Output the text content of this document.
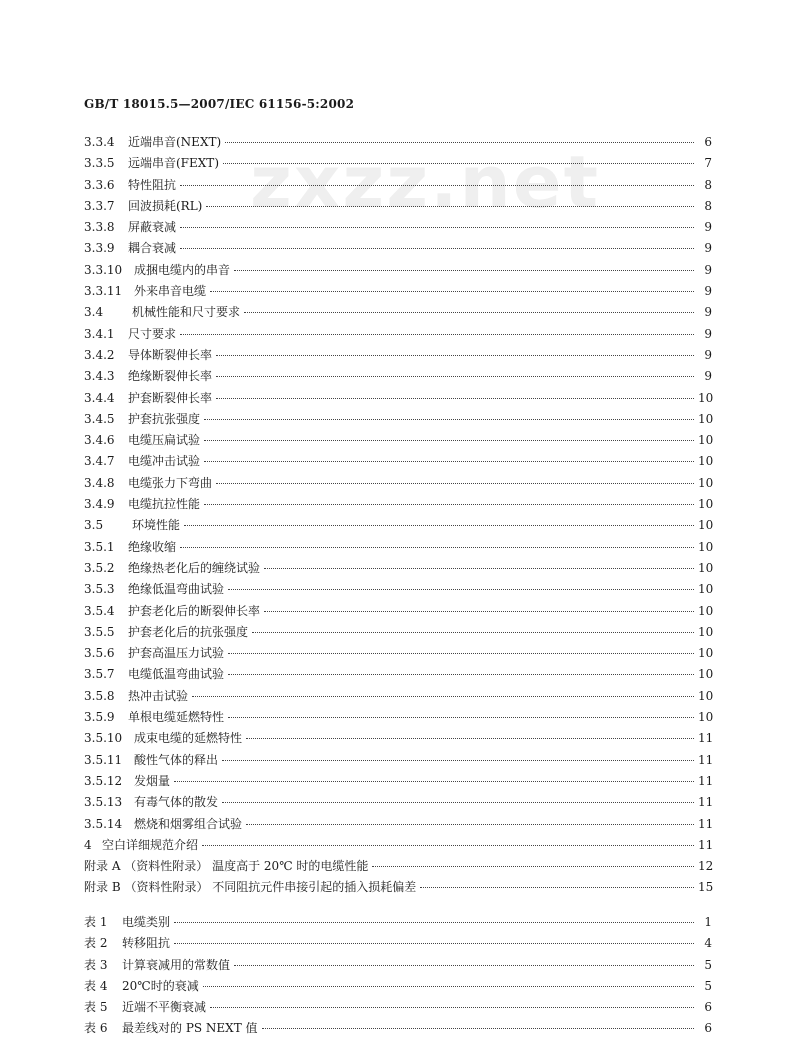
GB/T 18015.5—2007/IEC 61156-5:2002
zxzz.net
3.3.4	近端串音(NEXT)	6
3.3.5	远端串音(FEXT)	7
3.3.6	特性阻抗	8
3.3.7	回波损耗(RL)	8
3.3.8	屏蔽衰减	9
3.3.9	耦合衰减	9
3.3.10 成捆电缆内的串音	9
3.3.11 外来串音电缆	9
3.4	机械性能和尺寸要求	9
3.4.1	尺寸要求	9
3.4.2	导体断裂伸长率	9
3.4.3	绝缘断裂伸长率	9
3.4.4	护套断裂伸长率	10
3.4.5	护套抗张强度	10
3.4.6	电缆压扁试验	10
3.4.7	电缆冲击试验	10
3.4.8	电缆张力下弯曲	10
3.4.9	电缆抗拉性能	10
3.5	环境性能	10
3.5.1	绝缘收缩	10
3.5.2	绝缘热老化后的缠绕试验	10
3.5.3	绝缘低温弯曲试验	10
3.5.4	护套老化后的断裂伸长率	10
3.5.5	护套老化后的抗张强度	10
3.5.6	护套高温压力试验	10
3.5.7	电缆低温弯曲试验	10
3.5.8	热冲击试验	10
3.5.9	单根电缆延燃特性	10
3.5.10 成束电缆的延燃特性	11
3.5.11 酸性气体的释出	11
3.5.12 发烟量	11
3.5.13 有毒气体的散发	11
3.5.14 燃烧和烟雾组合试验	11
4 空白详细规范介绍	11
附录 A （资料性附录） 温度高于 20℃ 时的电缆性能	12
附录 B （资料性附录） 不同阻抗元件串接引起的插入损耗偏差	15
表 1	电缆类别	1
表 2	转移阻抗	4
表 3	计算衰减用的常数值	5
表 4	20℃时的衰减	5
表 5	近端不平衡衰减	6
表 6	最差线对的 PS NEXT 值	6
